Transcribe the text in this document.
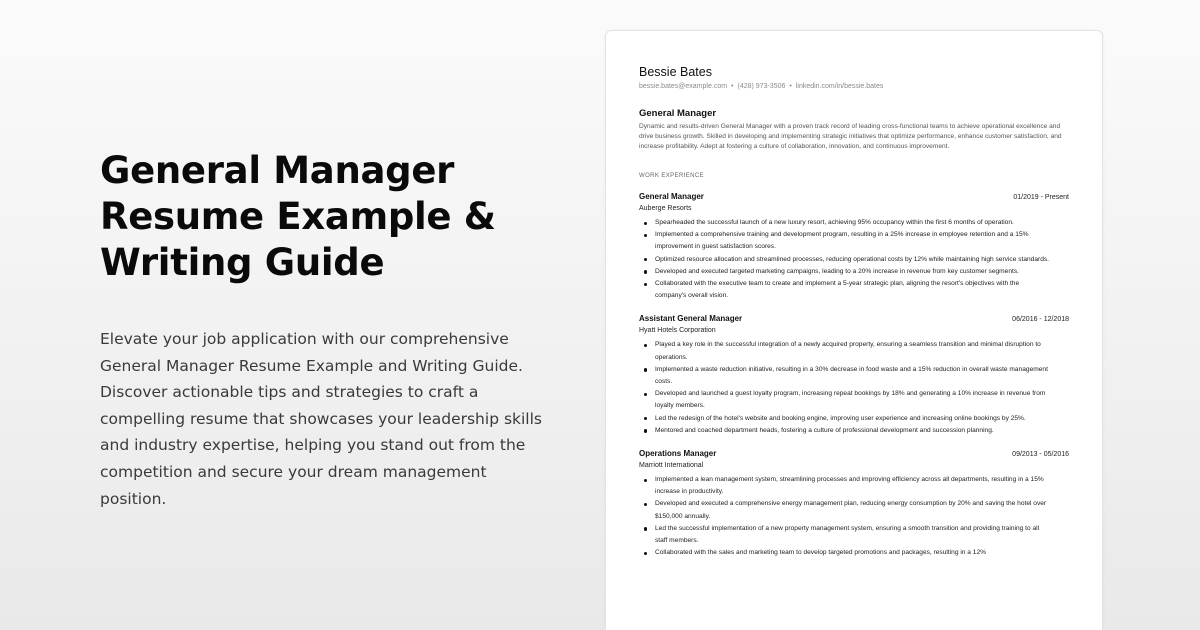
General Manager Resume Example & Writing Guide

Elevate your job application with our comprehensive General Manager Resume Example and Writing Guide. Discover actionable tips and strategies to craft a compelling resume that showcases your leadership skills and industry expertise, helping you stand out from the competition and secure your dream management position.

Bessie Bates
bessie.bates@example.com • (428) 973-3506 • linkedin.com/in/bessie.bates
General Manager
Dynamic and results-driven General Manager with a proven track record of leading cross-functional teams to achieve operational excellence and drive business growth. Skilled in developing and implementing strategic initiatives that optimize performance, enhance customer satisfaction, and increase profitability. Adept at fostering a culture of collaboration, innovation, and continuous improvement.
WORK EXPERIENCE
General Manager	01/2019 - Present
Auberge Resorts
Spearheaded the successful launch of a new luxury resort, achieving 95% occupancy within the first 6 months of operation.
Implemented a comprehensive training and development program, resulting in a 25% increase in employee retention and a 15% improvement in guest satisfaction scores.
Optimized resource allocation and streamlined processes, reducing operational costs by 12% while maintaining high service standards.
Developed and executed targeted marketing campaigns, leading to a 20% increase in revenue from key customer segments.
Collaborated with the executive team to create and implement a 5-year strategic plan, aligning the resort's objectives with the company's overall vision.
Assistant General Manager	06/2016 - 12/2018
Hyatt Hotels Corporation
Played a key role in the successful integration of a newly acquired property, ensuring a seamless transition and minimal disruption to operations.
Implemented a waste reduction initiative, resulting in a 30% decrease in food waste and a 15% reduction in overall waste management costs.
Developed and launched a guest loyalty program, increasing repeat bookings by 18% and generating a 10% increase in revenue from loyalty members.
Led the redesign of the hotel's website and booking engine, improving user experience and increasing online bookings by 25%.
Mentored and coached department heads, fostering a culture of professional development and succession planning.
Operations Manager	09/2013 - 05/2016
Marriott International
Implemented a lean management system, streamlining processes and improving efficiency across all departments, resulting in a 15% increase in productivity.
Developed and executed a comprehensive energy management plan, reducing energy consumption by 20% and saving the hotel over $150,000 annually.
Led the successful implementation of a new property management system, ensuring a smooth transition and providing training to all staff members.
Collaborated with the sales and marketing team to develop targeted promotions and packages, resulting in a 12%
